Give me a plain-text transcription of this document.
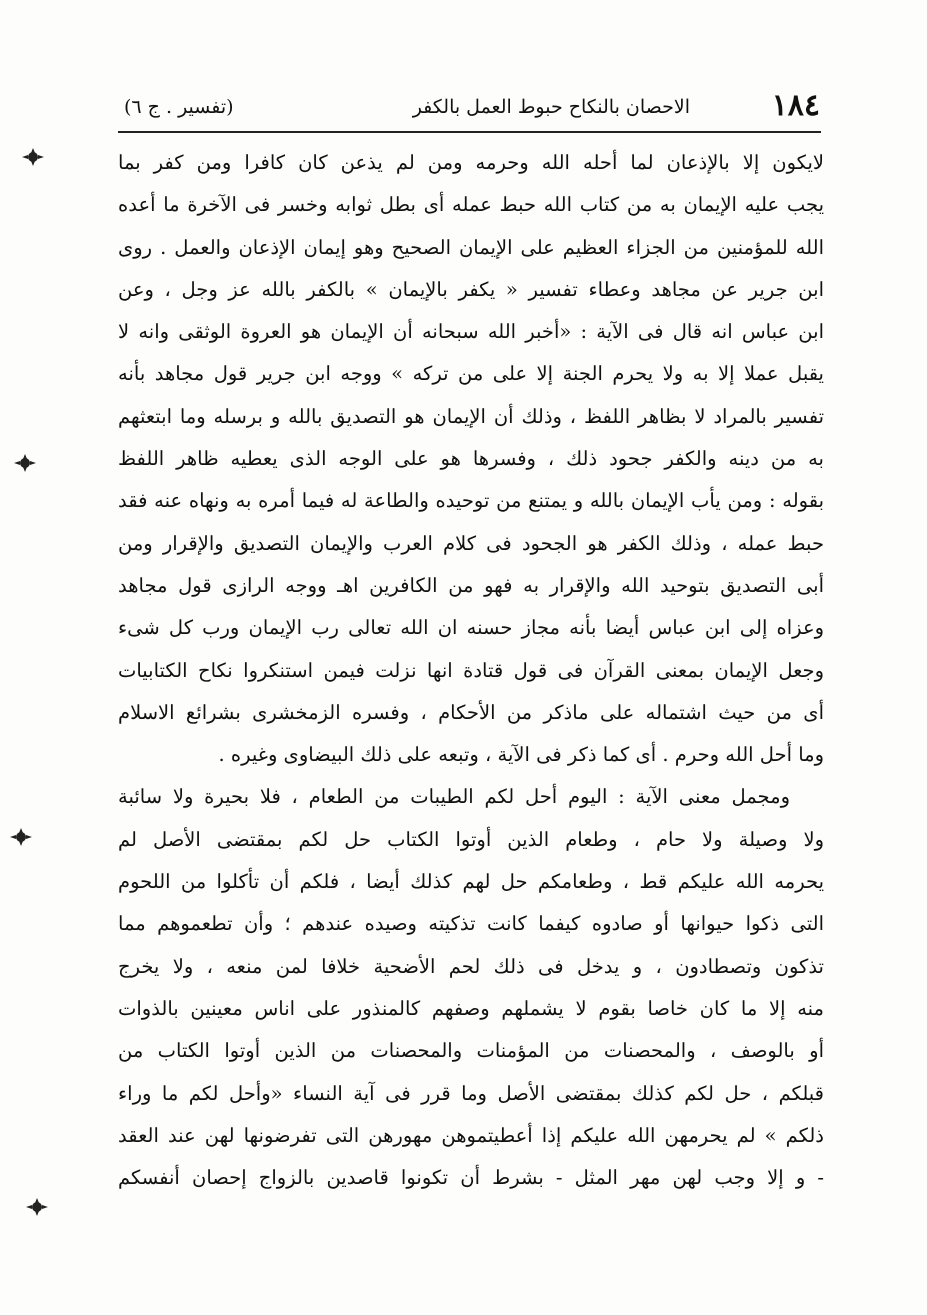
١٨٤
الاحصان بالنكاح حبوط العمل بالكفر
(تفسير . ج ٦)
لايكون إلا بالإذعان لما أحله الله وحرمه ومن لم يذعن كان كافرا ومن كفر بما
يجب عليه الإيمان به من كتاب الله حبط عمله أى بطل ثوابه وخسر فى الآخرة ما أعده
الله للمؤمنين من الجزاء العظيم على الإيمان الصحيح وهو إيمان الإذعان والعمل . روى
ابن جرير عن مجاهد وعطاء تفسير « يكفر بالإيمان » بالكفر بالله عز وجل ، وعن
ابن عباس انه قال فى الآية : «أخبر الله سبحانه أن الإيمان هو العروة الوثقى وانه لا
يقبل عملا إلا به ولا يحرم الجنة إلا على من تركه » ووجه ابن جرير قول مجاهد بأنه
تفسير بالمراد لا بظاهر اللفظ ، وذلك أن الإيمان هو التصديق بالله و برسله وما ابتعثهم
به من دينه والكفر جحود ذلك ، وفسرها هو على الوجه الذى يعطيه ظاهر اللفظ
بقوله : ومن يأب الإيمان بالله و يمتنع من توحيده والطاعة له فيما أمره به ونهاه عنه فقد
حبط عمله ، وذلك الكفر هو الجحود فى كلام العرب والإيمان التصديق والإقرار ومن
أبى التصديق بتوحيد الله والإقرار به فهو من الكافرين اهـ ووجه الرازى قول مجاهد
وعزاه إلى ابن عباس أيضا بأنه مجاز حسنه ان الله تعالى رب الإيمان ورب كل شىء
وجعل الإيمان بمعنى القرآن فى قول قتادة انها نزلت فيمن استنكروا نكاح الكتابيات
أى من حيث اشتماله على ماذكر من الأحكام ، وفسره الزمخشرى بشرائع الاسلام
وما أحل الله وحرم . أى كما ذكر فى الآية ، وتبعه على ذلك البيضاوى وغيره .
ومجمل معنى الآية : اليوم أحل لكم الطيبات من الطعام ، فلا بحيرة ولا سائبة
ولا وصيلة ولا حام ، وطعام الذين أوتوا الكتاب حل لكم بمقتضى الأصل لم
يحرمه الله عليكم قط ، وطعامكم حل لهم كذلك أيضا ، فلكم أن تأكلوا من اللحوم
التى ذكوا حيوانها أو صادوه كيفما كانت تذكيته وصيده عندهم ؛ وأن تطعموهم مما
تذكون وتصطادون ، و يدخل فى ذلك لحم الأضحية خلافا لمن منعه ، ولا يخرج
منه إلا ما كان خاصا بقوم لا يشملهم وصفهم كالمنذور على اناس معينين بالذوات
أو بالوصف ، والمحصنات من المؤمنات والمحصنات من الذين أوتوا الكتاب من
قبلكم ، حل لكم كذلك بمقتضى الأصل وما قرر فى آية النساء «وأحل لكم ما وراء
ذلكم » لم يحرمهن الله عليكم إذا أعطيتموهن مهورهن التى تفرضونها لهن عند العقد
- و إلا وجب لهن مهر المثل - بشرط أن تكونوا قاصدين بالزواج إحصان أنفسكم
